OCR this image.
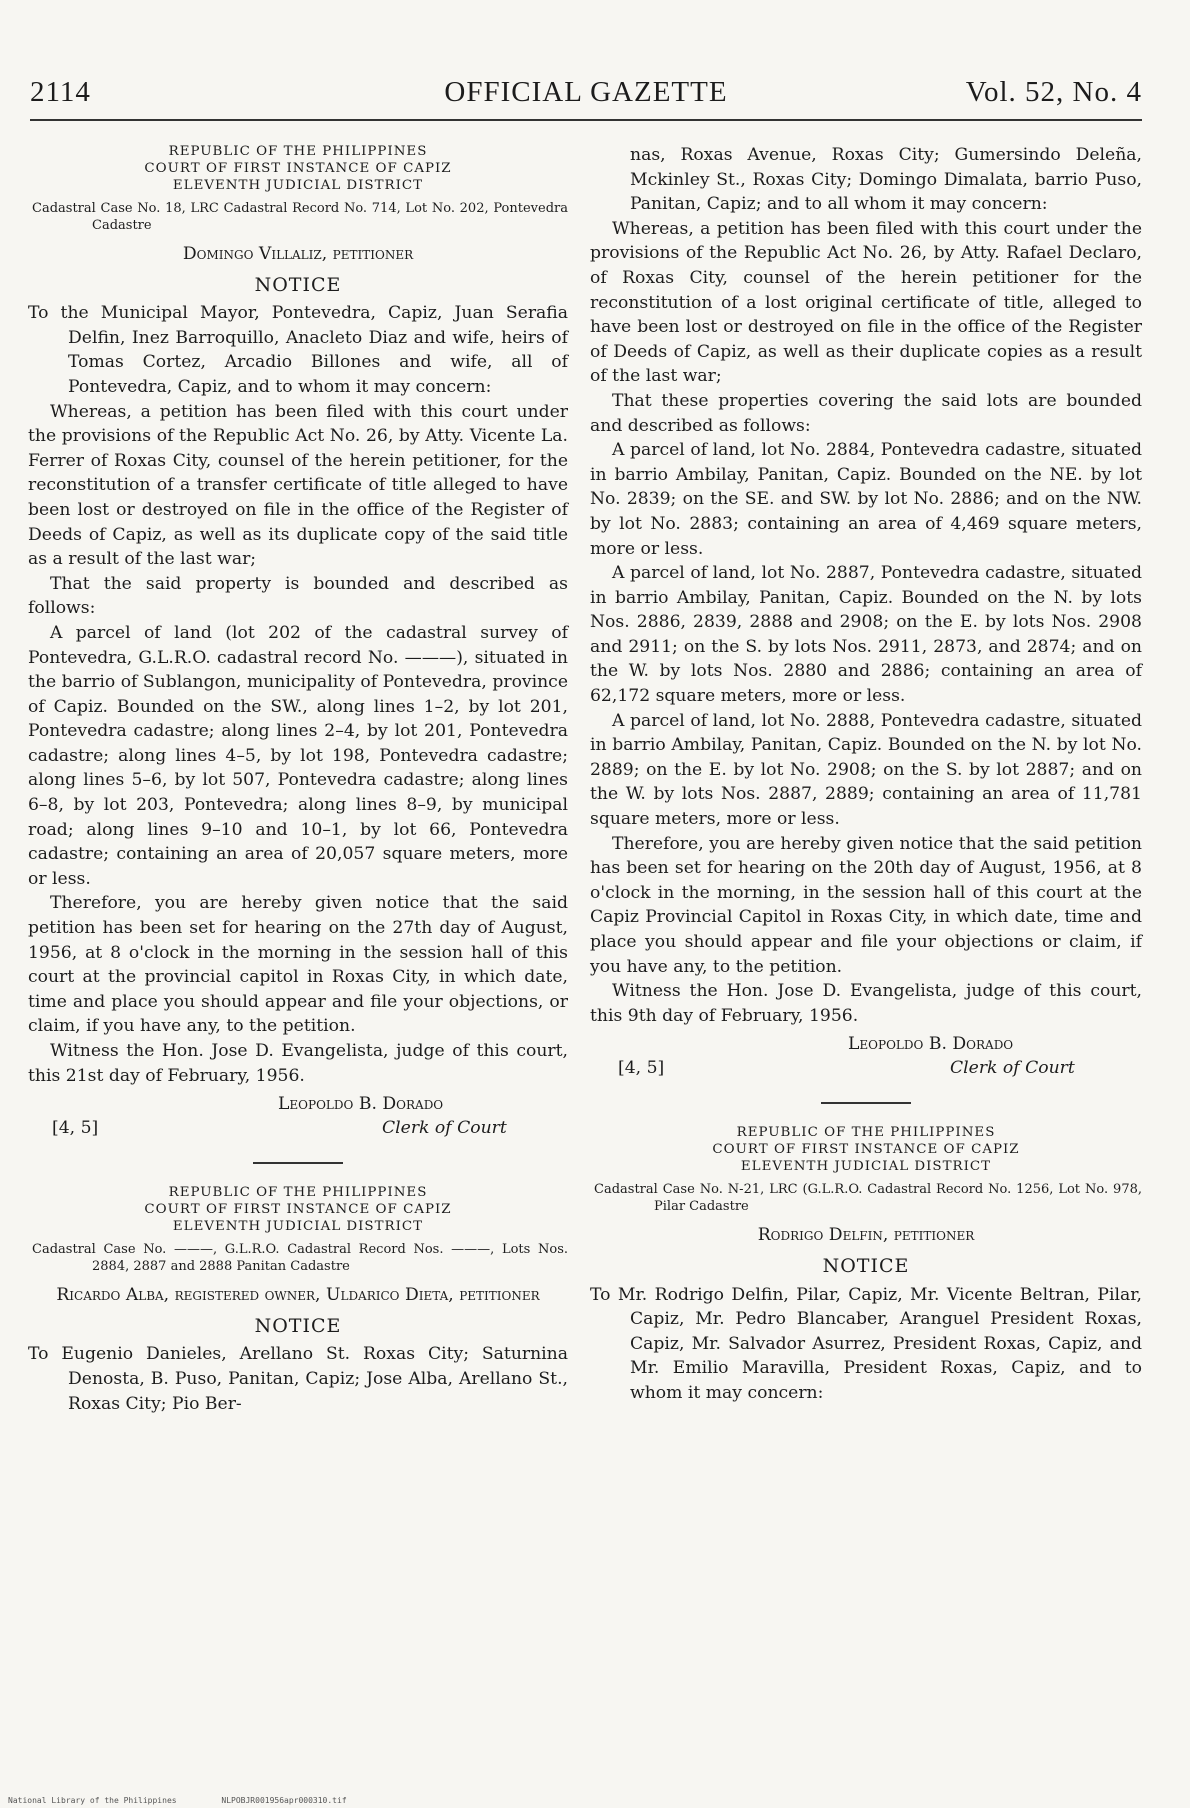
2114	OFFICIAL GAZETTE	Vol. 52, No. 4
REPUBLIC OF THE PHILIPPINES
COURT OF FIRST INSTANCE OF CAPIZ
ELEVENTH JUDICIAL DISTRICT
Cadastral Case No. 18, LRC Cadastral Record No. 714, Lot No. 202, Pontevedra Cadastre
Domingo Villaliz, petitioner
NOTICE
To the Municipal Mayor, Pontevedra, Capiz, Juan Serafia Delfin, Inez Barroquillo, Anacleto Diaz and wife, heirs of Tomas Cortez, Arcadio Billones and wife, all of Pontevedra, Capiz, and to whom it may concern:

Whereas, a petition has been filed with this court under the provisions of the Republic Act No. 26, by Atty. Vicente La. Ferrer of Roxas City, counsel of the herein petitioner, for the reconstitution of a transfer certificate of title alleged to have been lost or destroyed on file in the office of the Register of Deeds of Capiz, as well as its duplicate copy of the said title as a result of the last war;

That the said property is bounded and described as follows:

A parcel of land (lot 202 of the cadastral survey of Pontevedra, G.L.R.O. cadastral record No. ———), situated in the barrio of Sublangon, municipality of Pontevedra, province of Capiz. Bounded on the SW., along lines 1–2, by lot 201, Pontevedra cadastre; along lines 2–4, by lot 201, Pontevedra cadastre; along lines 4–5, by lot 198, Pontevedra cadastre; along lines 5–6, by lot 507, Pontevedra cadastre; along lines 6–8, by lot 203, Pontevedra; along lines 8–9, by municipal road; along lines 9–10 and 10–1, by lot 66, Pontevedra cadastre; containing an area of 20,057 square meters, more or less.

Therefore, you are hereby given notice that the said petition has been set for hearing on the 27th day of August, 1956, at 8 o'clock in the morning in the session hall of this court at the provincial capitol in Roxas City, in which date, time and place you should appear and file your objections, or claim, if you have any, to the petition.

Witness the Hon. Jose D. Evangelista, judge of this court, this 21st day of February, 1956.

Leopoldo B. Dorado
[4, 5]	Clerk of Court
REPUBLIC OF THE PHILIPPINES
COURT OF FIRST INSTANCE OF CAPIZ
ELEVENTH JUDICIAL DISTRICT
Cadastral Case No. ———, G.L.R.O. Cadastral Record Nos. ———, Lots Nos. 2884, 2887 and 2888 Panitan Cadastre
Ricardo Alba, registered owner, Uldarico Dieta, petitioner
NOTICE
To Eugenio Danieles, Arellano St. Roxas City; Saturnina Denosta, B. Puso, Panitan, Capiz; Jose Alba, Arellano St., Roxas City; Pio Ber-
nas, Roxas Avenue, Roxas City; Gumersindo Deleña, Mckinley St., Roxas City; Domingo Dimalata, barrio Puso, Panitan, Capiz; and to all whom it may concern:

Whereas, a petition has been filed with this court under the provisions of the Republic Act No. 26, by Atty. Rafael Declaro, of Roxas City, counsel of the herein petitioner for the reconstitution of a lost original certificate of title, alleged to have been lost or destroyed on file in the office of the Register of Deeds of Capiz, as well as their duplicate copies as a result of the last war;

That these properties covering the said lots are bounded and described as follows:

A parcel of land, lot No. 2884, Pontevedra cadastre, situated in barrio Ambilay, Panitan, Capiz. Bounded on the NE. by lot No. 2839; on the SE. and SW. by lot No. 2886; and on the NW. by lot No. 2883; containing an area of 4,469 square meters, more or less.

A parcel of land, lot No. 2887, Pontevedra cadastre, situated in barrio Ambilay, Panitan, Capiz. Bounded on the N. by lots Nos. 2886, 2839, 2888 and 2908; on the E. by lots Nos. 2908 and 2911; on the S. by lots Nos. 2911, 2873, and 2874; and on the W. by lots Nos. 2880 and 2886; containing an area of 62,172 square meters, more or less.

A parcel of land, lot No. 2888, Pontevedra cadastre, situated in barrio Ambilay, Panitan, Capiz. Bounded on the N. by lot No. 2889; on the E. by lot No. 2908; on the S. by lot 2887; and on the W. by lots Nos. 2887, 2889; containing an area of 11,781 square meters, more or less.

Therefore, you are hereby given notice that the said petition has been set for hearing on the 20th day of August, 1956, at 8 o'clock in the morning, in the session hall of this court at the Capiz Provincial Capitol in Roxas City, in which date, time and place you should appear and file your objections or claim, if you have any, to the petition.

Witness the Hon. Jose D. Evangelista, judge of this court, this 9th day of February, 1956.

Leopoldo B. Dorado
[4, 5]	Clerk of Court
REPUBLIC OF THE PHILIPPINES
COURT OF FIRST INSTANCE OF CAPIZ
ELEVENTH JUDICIAL DISTRICT
Cadastral Case No. N-21, LRC (G.L.R.O. Cadastral Record No. 1256, Lot No. 978, Pilar Cadastre
Rodrigo Delfin, petitioner
NOTICE
To Mr. Rodrigo Delfin, Pilar, Capiz, Mr. Vicente Beltran, Pilar, Capiz, Mr. Pedro Blancaber, Aranguel President Roxas, Capiz, Mr. Salvador Asurrez, President Roxas, Capiz, and Mr. Emilio Maravilla, President Roxas, Capiz, and to whom it may concern:
National Library of the Philippines	NLPOBJR001956apr000310.tif
